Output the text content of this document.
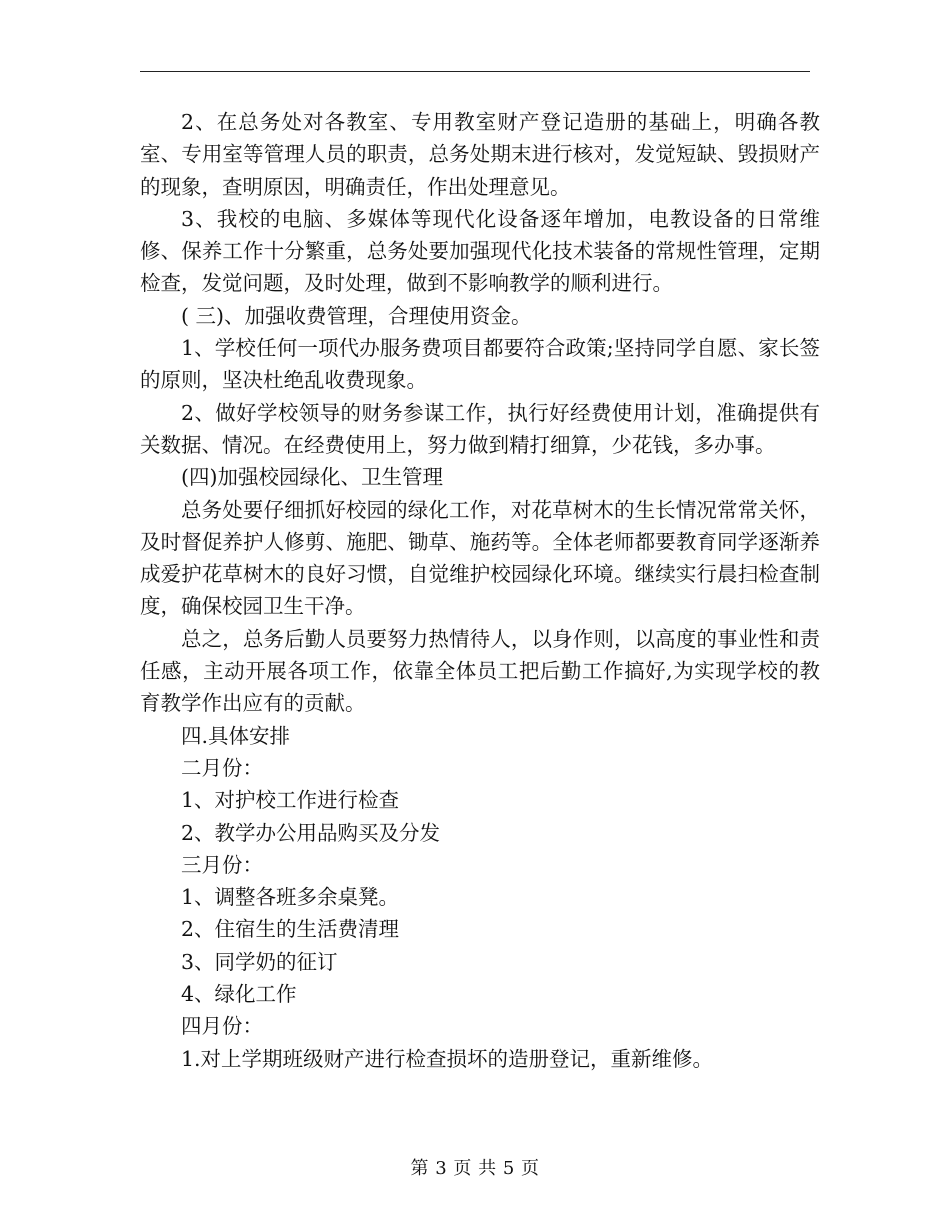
2、在总务处对各教室、专用教室财产登记造册的基础上，明确各教室、专用室等管理人员的职责，总务处期末进行核对，发觉短缺、毁损财产的现象，查明原因，明确责任，作出处理意见。

3、我校的电脑、多媒体等现代化设备逐年增加，电教设备的日常维修、保养工作十分繁重，总务处要加强现代化技术装备的常规性管理，定期检查，发觉问题，及时处理，做到不影响教学的顺利进行。

( 三)、加强收费管理，合理使用资金。

1、学校任何一项代办服务费项目都要符合政策;坚持同学自愿、家长签的原则，坚决杜绝乱收费现象。

2、做好学校领导的财务参谋工作，执行好经费使用计划，准确提供有关数据、情况。在经费使用上，努力做到精打细算，少花钱，多办事。

(四)加强校园绿化、卫生管理

总务处要仔细抓好校园的绿化工作，对花草树木的生长情况常常关怀，及时督促养护人修剪、施肥、锄草、施药等。全体老师都要教育同学逐渐养成爱护花草树木的良好习惯，自觉维护校园绿化环境。继续实行晨扫检查制度，确保校园卫生干净。

总之，总务后勤人员要努力热情待人，以身作则，以高度的事业性和责任感，主动开展各项工作，依靠全体员工把后勤工作搞好,为实现学校的教育教学作出应有的贡献。

四.具体安排

二月份：

1、对护校工作进行检查

2、教学办公用品购买及分发

三月份：

1、调整各班多余桌凳。

2、住宿生的生活费清理

3、同学奶的征订

4、绿化工作

四月份：

1.对上学期班级财产进行检查损坏的造册登记，重新维修。

第 3 页 共 5 页
